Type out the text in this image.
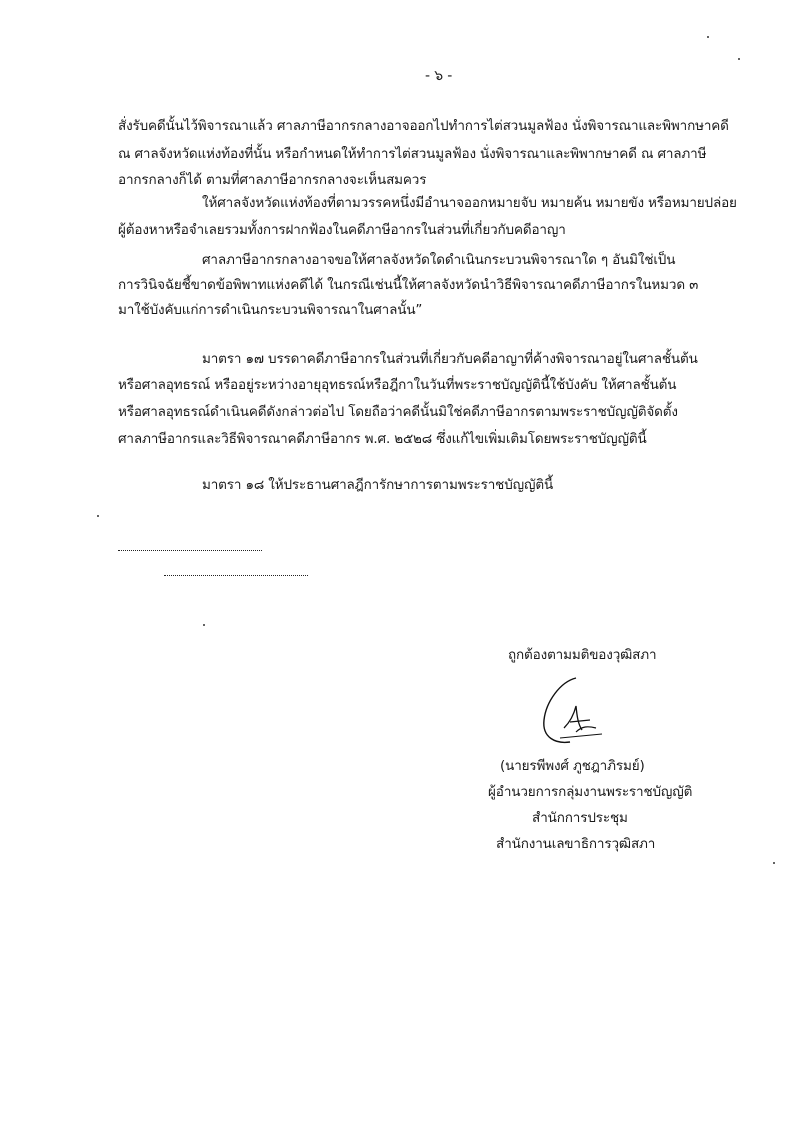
- ๖ -
สั่งรับคดีนั้นไว้พิจารณาแล้ว ศาลภาษีอากรกลางอาจออกไปทำการไต่สวนมูลฟ้อง นั่งพิจารณาและพิพากษาคดี
ณ ศาลจังหวัดแห่งท้องที่นั้น หรือกำหนดให้ทำการไต่สวนมูลฟ้อง นั่งพิจารณาและพิพากษาคดี ณ ศาลภาษี
อากรกลางก็ได้ ตามที่ศาลภาษีอากรกลางจะเห็นสมควร
ให้ศาลจังหวัดแห่งท้องที่ตามวรรคหนึ่งมีอำนาจออกหมายจับ หมายค้น หมายขัง หรือหมายปล่อย
ผู้ต้องหาหรือจำเลยรวมทั้งการฝากฟ้องในคดีภาษีอากรในส่วนที่เกี่ยวกับคดีอาญา
ศาลภาษีอากรกลางอาจขอให้ศาลจังหวัดใดดำเนินกระบวนพิจารณาใด ๆ อันมิใช่เป็น
การวินิจฉัยชี้ขาดข้อพิพาทแห่งคดีได้ ในกรณีเช่นนี้ให้ศาลจังหวัดนำวิธีพิจารณาคดีภาษีอากรในหมวด ๓
มาใช้บังคับแก่การดำเนินกระบวนพิจารณาในศาลนั้น”
มาตรา ๑๗ บรรดาคดีภาษีอากรในส่วนที่เกี่ยวกับคดีอาญาที่ค้างพิจารณาอยู่ในศาลชั้นต้น
หรือศาลอุทธรณ์ หรืออยู่ระหว่างอายุอุทธรณ์หรือฎีกาในวันที่พระราชบัญญัตินี้ใช้บังคับ ให้ศาลชั้นต้น
หรือศาลอุทธรณ์ดำเนินคดีดังกล่าวต่อไป โดยถือว่าคดีนั้นมิใช่คดีภาษีอากรตามพระราชบัญญัติจัดตั้ง
ศาลภาษีอากรและวิธีพิจารณาคดีภาษีอากร พ.ศ. ๒๕๒๘ ซึ่งแก้ไขเพิ่มเติมโดยพระราชบัญญัตินี้
มาตรา ๑๘ ให้ประธานศาลฎีการักษาการตามพระราชบัญญัตินี้
ถูกต้องตามมติของวุฒิสภา
(นายรพีพงศ์ ภูชฎาภิรมย์)
ผู้อำนวยการกลุ่มงานพระราชบัญญัติ
สำนักการประชุม
สำนักงานเลขาธิการวุฒิสภา
